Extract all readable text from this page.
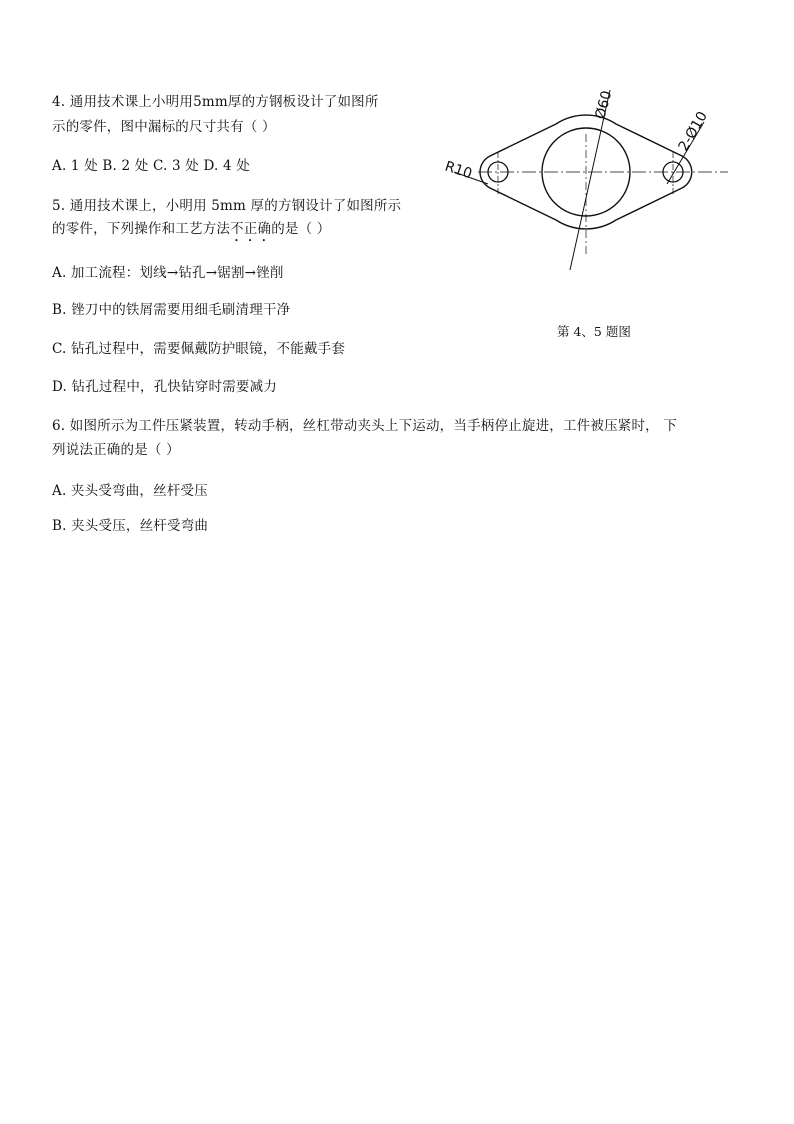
4. 通用技术课上小明用5mm厚的方钢板设计了如图所
示的零件，图中漏标的尺寸共有（ ）
A. 1 处 B. 2 处 C. 3 处 D. 4 处
5. 通用技术课上，小明用 5mm 厚的方钢设计了如图所示
的零件，下列操作和工艺方法不正确的是（ ）
A. 加工流程：划线→钻孔→锯割→锉削
B. 锉刀中的铁屑需要用细毛刷清理干净
C. 钻孔过程中，需要佩戴防护眼镜，不能戴手套
D. 钻孔过程中，孔快钻穿时需要减力
Ø60
2-Ø10
R10
第 4、5 题图
6. 如图所示为工件压紧装置，转动手柄，丝杠带动夹头上下运动，当手柄停止旋进，工件被压紧时， 下
列说法正确的是（ ）
A. 夹头受弯曲，丝杆受压
B. 夹头受压，丝杆受弯曲
